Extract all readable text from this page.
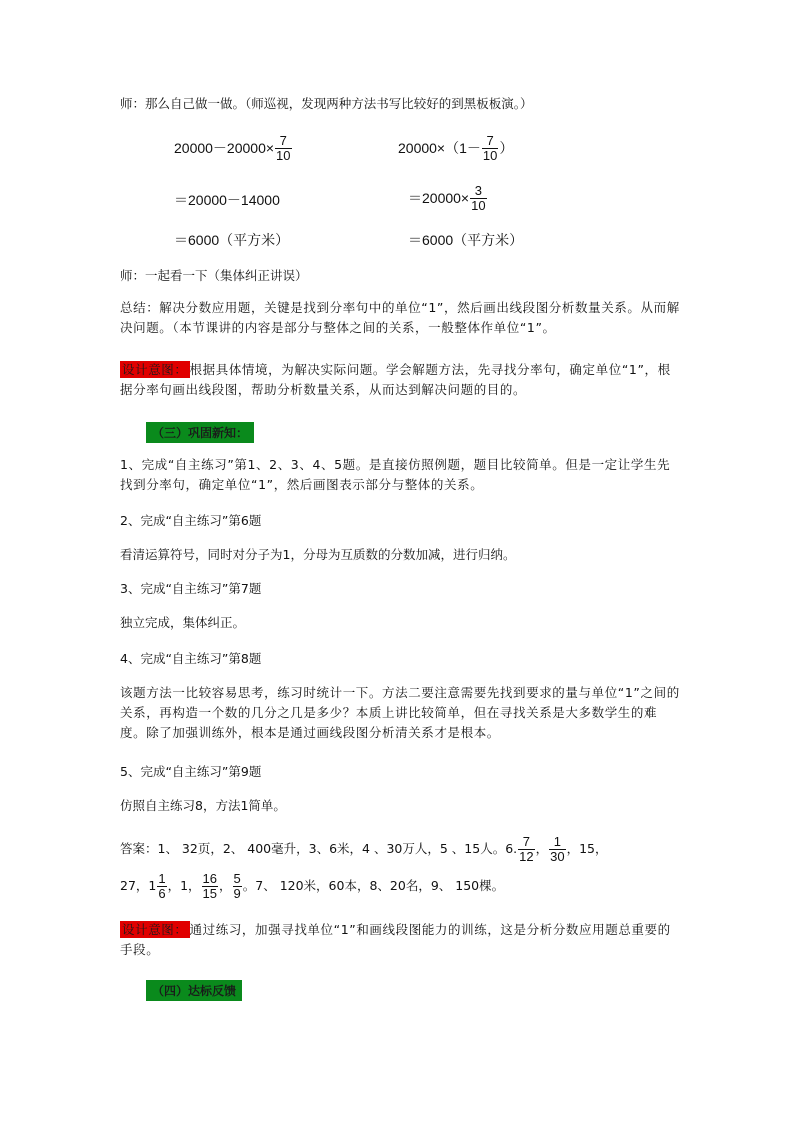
师：那么自己做一做。（师巡视，发现两种方法书写比较好的到黑板板演。）
$20000-20000\times \frac{7}{10}$
＝20000－14000
＝6000（平方米）
$20000\times(1- \frac{7}{10}$ ）
$=20000\times \frac{3}{10}$
＝6000（平方米）
师：一起看一下（集体纠正讲误）
总结：解决分数应用题，关键是找到分率句中的单位“1”，然后画出线段图分析数量关系。从而解决问题。（本节课讲的内容是部分与整体之间的关系，一般整体作单位“1”。
设计意图： 根据具体情境，为解决实际问题。学会解题方法，先寻找分率句，确定单位“1”，根据分率句画出线段图，帮助分析数量关系，从而达到解决问题的目的。
（三）巩固新知：
1、完成“自主练习”第1、2、3、4、5题。是直接仿照例题，题目比较简单。但是一定让学生先找到分率句，确定单位“1”，然后画图表示部分与整体的关系。
2、完成“自主练习”第6题
看清运算符号，同时对分子为1，分母为互质数的分数加减，进行归纳。
3、完成“自主练习”第7题
独立完成，集体纠正。
4、完成“自主练习”第8题
该题方法一比较容易思考，练习时统计一下。方法二要注意需要先找到要求的量与单位“1”之间的关系，再构造一个数的几分之几是多少？本质上讲比较简单，但在寻找关系是大多数学生的难度。除了加强训练外，根本是通过画线段图分析清关系才是根本。
5、完成“自主练习”第9题
仿照自主练习8，方法1简单。
答案：1、 32页，2、 400毫升，3、6米，4 、30万人，5 、15人。6. $\frac{7}{12}$ ， $\frac{1}{30}$ ，15，
27，$1 \frac{1}{6}$ ，1， $\frac{16}{15}$ ， $\frac{5}{9}$ 。7、 120米，60本，8、20名，9、 150棵。
设计意图： 通过练习，加强寻找单位“1”和画线段图能力的训练，这是分析分数应用题总重要的手段。
（四）达标反馈
